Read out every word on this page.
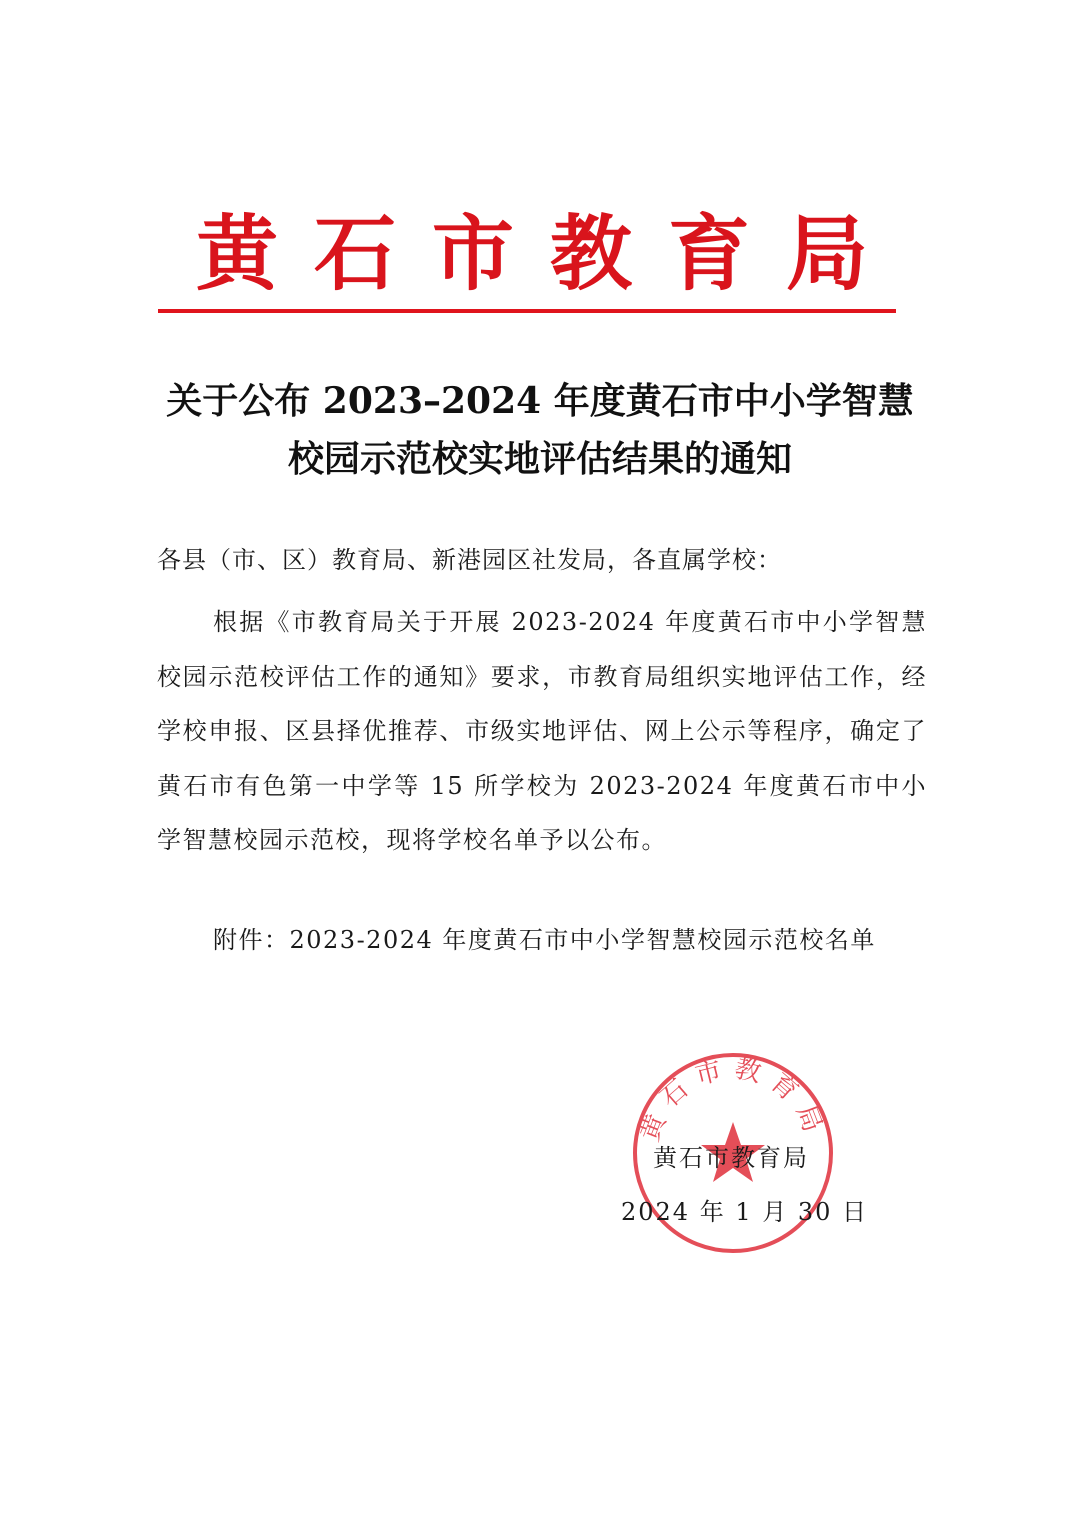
黄石市教育局
关于公布 2023–2024 年度黄石市中小学智慧
校园示范校实地评估结果的通知

各县（市、区）教育局、新港园区社发局，各直属学校：

根据《市教育局关于开展 2023-2024 年度黄石市中小学智慧校园示范校评估工作的通知》要求，市教育局组织实地评估工作，经学校申报、区县择优推荐、市级实地评估、网上公示等程序，确定了黄石市有色第一中学等 15 所学校为 2023-2024 年度黄石市中小学智慧校园示范校，现将学校名单予以公布。

附件：2023-2024 年度黄石市中小学智慧校园示范校名单

黄石市教育局

黄石市教育局

2024 年 1 月 30 日
